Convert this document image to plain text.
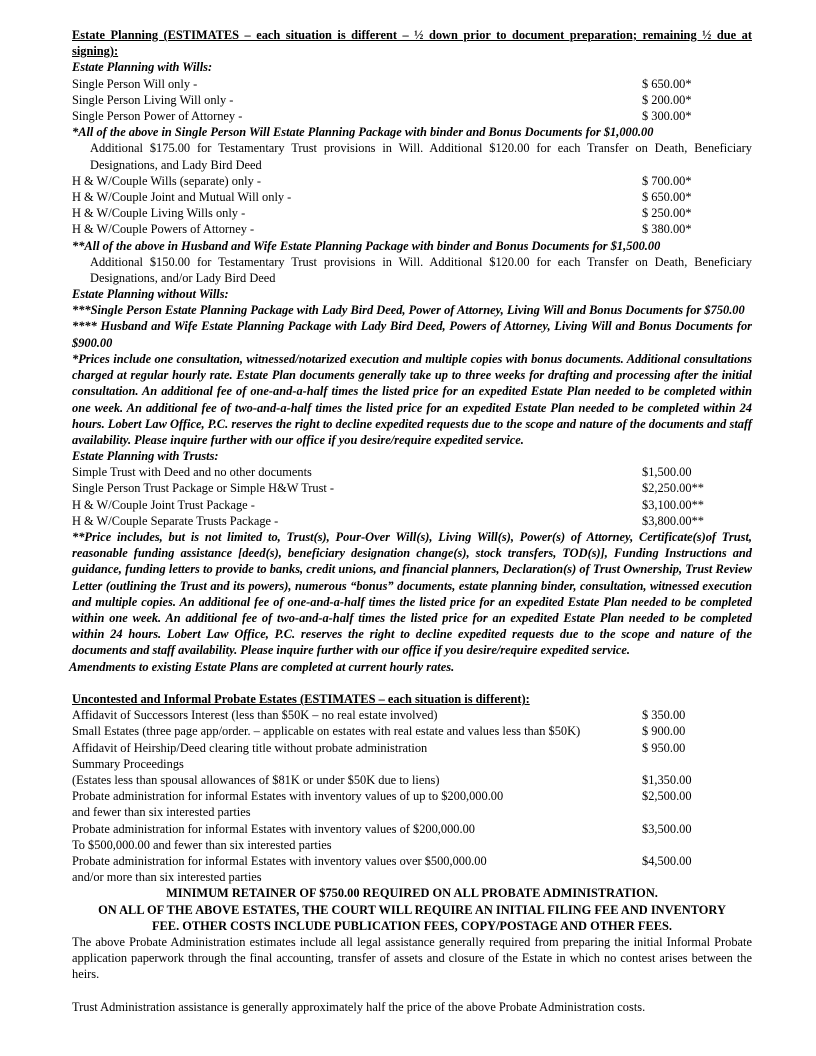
Estate Planning (ESTIMATES – each situation is different – ½ down prior to document preparation; remaining ½ due at signing):
Estate Planning with Wills:
Single Person Will only -	$ 650.00*
Single Person Living Will only -	$ 200.00*
Single Person Power of Attorney -	$ 300.00*
*All of the above in Single Person Will Estate Planning Package with binder and Bonus Documents for $1,000.00
Additional $175.00 for Testamentary Trust provisions in Will. Additional $120.00 for each Transfer on Death, Beneficiary Designations, and Lady Bird Deed
H & W/Couple Wills (separate) only -	$ 700.00*
H & W/Couple Joint and Mutual Will only -	$ 650.00*
H & W/Couple Living Wills only -	$ 250.00*
H & W/Couple Powers of Attorney -	$ 380.00*
**All of the above in Husband and Wife Estate Planning Package with binder and Bonus Documents for $1,500.00
Additional $150.00 for Testamentary Trust provisions in Will. Additional $120.00 for each Transfer on Death, Beneficiary Designations, and/or Lady Bird Deed
Estate Planning without Wills:
***Single Person Estate Planning Package with Lady Bird Deed, Power of Attorney, Living Will and Bonus Documents for $750.00
**** Husband and Wife Estate Planning Package with Lady Bird Deed, Powers of Attorney, Living Will and Bonus Documents for $900.00
*Prices include one consultation, witnessed/notarized execution and multiple copies with bonus documents. Additional consultations charged at regular hourly rate. Estate Plan documents generally take up to three weeks for drafting and processing after the initial consultation. An additional fee of one-and-a-half times the listed price for an expedited Estate Plan needed to be completed within one week. An additional fee of two-and-a-half times the listed price for an expedited Estate Plan needed to be completed within 24 hours. Lobert Law Office, P.C. reserves the right to decline expedited requests due to the scope and nature of the documents and staff availability. Please inquire further with our office if you desire/require expedited service.
Estate Planning with Trusts:
Simple Trust with Deed and no other documents	$1,500.00
Single Person Trust Package or Simple H&W Trust -	$2,250.00**
H & W/Couple Joint Trust Package -	$3,100.00**
H & W/Couple Separate Trusts Package -	$3,800.00**
**Price includes, but is not limited to, Trust(s), Pour-Over Will(s), Living Will(s), Power(s) of Attorney, Certificate(s)of Trust, reasonable funding assistance [deed(s), beneficiary designation change(s), stock transfers, TOD(s)], Funding Instructions and guidance, funding letters to provide to banks, credit unions, and financial planners, Declaration(s) of Trust Ownership, Trust Review Letter (outlining the Trust and its powers), numerous “bonus” documents, estate planning binder, consultation, witnessed execution and multiple copies. An additional fee of one-and-a-half times the listed price for an expedited Estate Plan needed to be completed within one week. An additional fee of two-and-a-half times the listed price for an expedited Estate Plan needed to be completed within 24 hours. Lobert Law Office, P.C. reserves the right to decline expedited requests due to the scope and nature of the documents and staff availability. Please inquire further with our office if you desire/require expedited service.
Amendments to existing Estate Plans are completed at current hourly rates.
Uncontested and Informal Probate Estates (ESTIMATES – each situation is different):
Affidavit of Successors Interest (less than $50K – no real estate involved)	$ 350.00
Small Estates (three page app/order. – applicable on estates with real estate and values less than $50K)	$ 900.00
Affidavit of Heirship/Deed clearing title without probate administration	$ 950.00
Summary Proceedings
(Estates less than spousal allowances of $81K or under $50K due to liens)	$1,350.00
Probate administration for informal Estates with inventory values of up to $200,000.00	$2,500.00
and fewer than six interested parties
Probate administration for informal Estates with inventory values of $200,000.00	$3,500.00
To $500,000.00 and fewer than six interested parties
Probate administration for informal Estates with inventory values over $500,000.00	$4,500.00
and/or more than six interested parties
MINIMUM RETAINER OF $750.00 REQUIRED ON ALL PROBATE ADMINISTRATION.
ON ALL OF THE ABOVE ESTATES, THE COURT WILL REQUIRE AN INITIAL FILING FEE AND INVENTORY FEE. OTHER COSTS INCLUDE PUBLICATION FEES, COPY/POSTAGE AND OTHER FEES.
The above Probate Administration estimates include all legal assistance generally required from preparing the initial Informal Probate application paperwork through the final accounting, transfer of assets and closure of the Estate in which no contest arises between the heirs.
Trust Administration assistance is generally approximately half the price of the above Probate Administration costs.
